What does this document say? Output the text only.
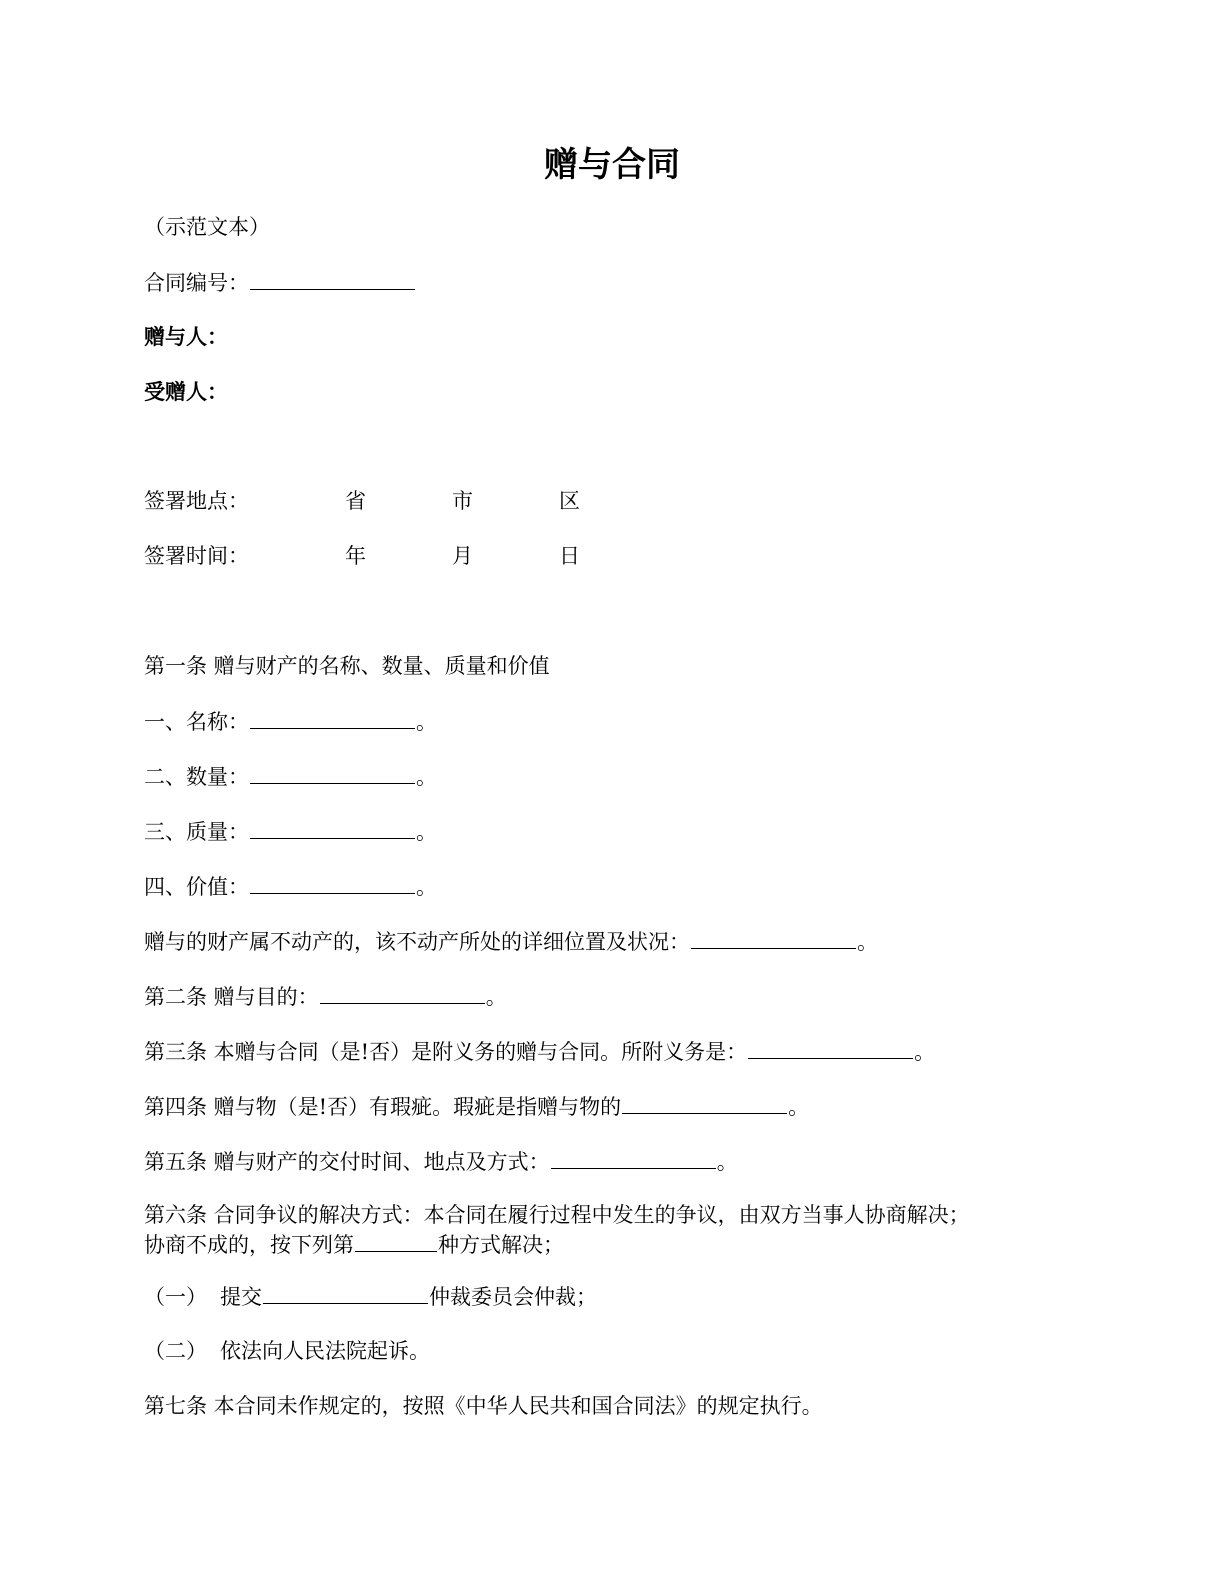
赠与合同
（示范文本）
合同编号：
赠与人：
受赠人：
签署地点：	省	市	区
签署时间：	年	月	日
第一条 赠与财产的名称、数量、质量和价值
一、名称：	。
二、数量：	。
三、质量：	。
四、价值：	。
赠与的财产属不动产的，该不动产所处的详细位置及状况：	。
第二条 赠与目的：	。
第三条 本赠与合同（是!否）是附义务的赠与合同。所附义务是：	。
第四条 赠与物（是!否）有瑕疵。瑕疵是指赠与物的	。
第五条 赠与财产的交付时间、地点及方式：	。
第六条 合同争议的解决方式：本合同在履行过程中发生的争议，由双方当事人协商解决；
协商不成的，按下列第	种方式解决；
（一） 提交	仲裁委员会仲裁；
（二） 依法向人民法院起诉。
第七条 本合同未作规定的，按照《中华人民共和国合同法》的规定执行。
